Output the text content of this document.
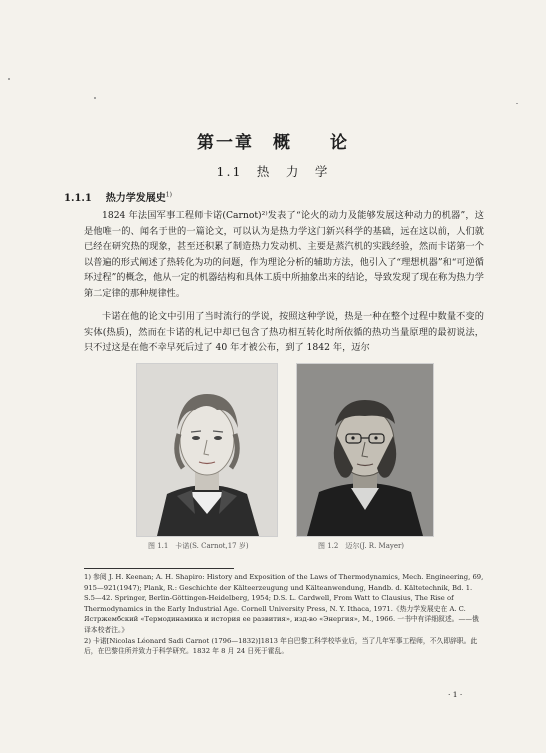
第一章　概　　论
1.1　热　力　学
1.1.1 热力学发展史$^{1)}$

1824 年法国军事工程师卡诺(Carnot)²⁾发表了“论火的动力及能够发展这种动力的机器”，这是他唯一的、闻名于世的一篇论文，可以认为是热力学这门新兴科学的基础，远在这以前，人们就已经在研究热的现象，甚至还积累了制造热力发动机、主要是蒸汽机的实践经验，然而卡诺第一个以普遍的形式阐述了热转化为功的问题，作为理论分析的辅助方法，他引入了“理想机器”和“可逆循环过程”的概念，他从一定的机器结构和具体工质中所抽象出来的结论，导致发现了现在称为热力学第二定律的那种规律性。

卡诺在他的论文中引用了当时流行的学说，按照这种学说，热是一种在整个过程中数量不变的实体(热质)，然而在卡诺的札记中却已包含了热功相互转化时所依循的热功当量原理的最初说法，只不过这是在他不幸早死后过了 40 年才被公布，到了 1842 年，迈尔

图 1.1　卡诺(S. Carnot,17 岁)	图 1.2　迈尔(J. R. Mayer)

1) 参阅 J. H. Keenan; A. H. Shapiro: History and Exposition of the Laws of Thermodynamics, Mech. Engineering, 69, 915—921(1947); Plank, R.: Geschichte der Kälteerzeugung und Kälteanwendung, Handb. d. Kältetechnik, Bd. 1. S.5—42. Springer, Berlin-Göttingen-Heidelberg, 1954; D.S. L. Cardwell, From Watt to Clausius, The Rise of Thermodynamics in the Early Industrial Age. Cornell University Press, N. Y. Ithaca, 1971.《热力学发展史在 A. C. Ястржембский «Термодинамика и история ее развития», изд-во «Энергия», M., 1966. 一书中有详细叙述。——俄译本校者注。》

2) 卡诺[Nicolas Léonard Sadi Carnot (1796—1832)]1813 年自巴黎工科学校毕业后，当了几年军事工程师，不久即辞职。此后，在巴黎住所并致力于科学研究。1832 年 8 月 24 日死于霍乱。

· 1 ·
